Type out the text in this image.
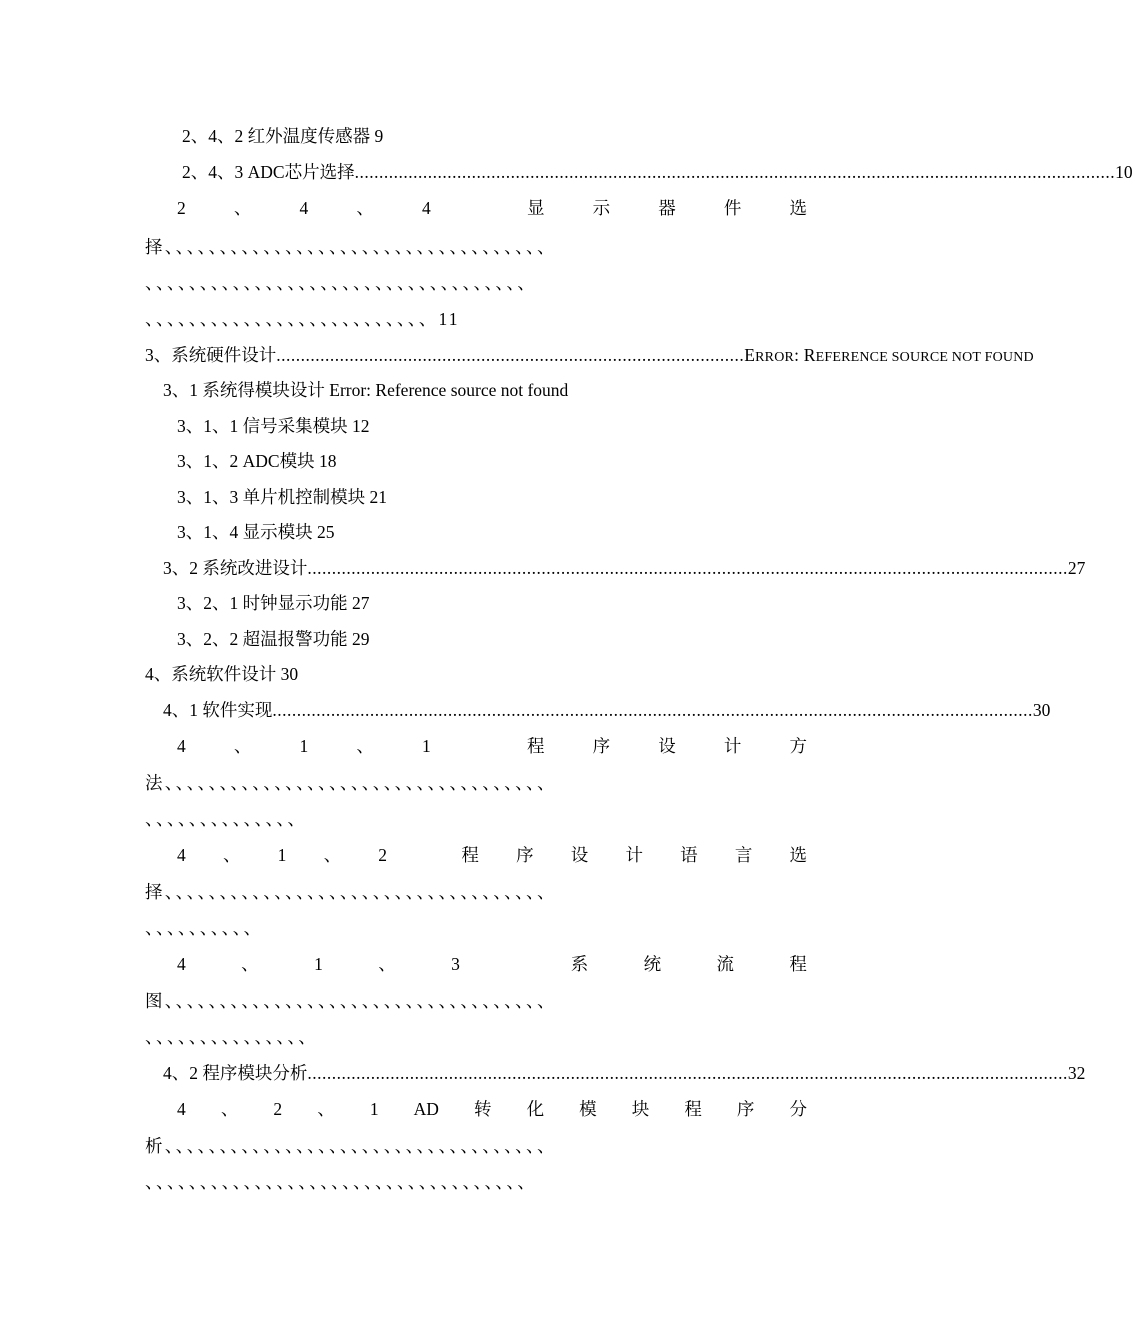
2、4、2 红外温度传感器 9
2、4、3 ADC芯片选择 ............................................................................................................................................................ 10
2	、	4	、	4	显	示	器	件	选
择、、、、、、、、、、、、、、、、、、、、、、、、、、、、、、、、、、、
、、、、、、、、、、、、、、、、、、、、、、、、、、、、、、、、、、、
、、、、、、、、、、、、、、、、、、、、、、、、、、11
3、系统硬件设计 ................................................................................................ ERROR: REFERENCE SOURCE NOT FOUND
3、1 系统得模块设计 Error: Reference source not found
3、1、1 信号采集模块 12
3、1、2 ADC模块 18
3、1、3 单片机控制模块 21
3、1、4 显示模块 25
3、2 系统改进设计 ............................................................................................................................................................ 27
3、2、1 时钟显示功能 27
3、2、2 超温报警功能 29
4、系统软件设计 30
4、1 软件实现 ............................................................................................................................................................ 30
4	、	1	、	1	程	序	设	计	方
法、、、、、、、、、、、、、、、、、、、、、、、、、、、、、、、、、、、
、、、、、、、、、、、、、、
4 、 1 、 2	程 序 设 计 语 言 选
择、、、、、、、、、、、、、、、、、、、、、、、、、、、、、、、、、、、
、、、、、、、、、、
4	、	1	、	3	系	统	流	程
图、、、、、、、、、、、、、、、、、、、、、、、、、、、、、、、、、、、
、、、、、、、、、、、、、、、
4、2 程序模块分析 ............................................................................................................................................................ 32
4 、 2 、 1 AD 转 化 模 块 程 序 分
析、、、、、、、、、、、、、、、、、、、、、、、、、、、、、、、、、、、
、、、、、、、、、、、、、、、、、、、、、、、、、、、、、、、、、、、
